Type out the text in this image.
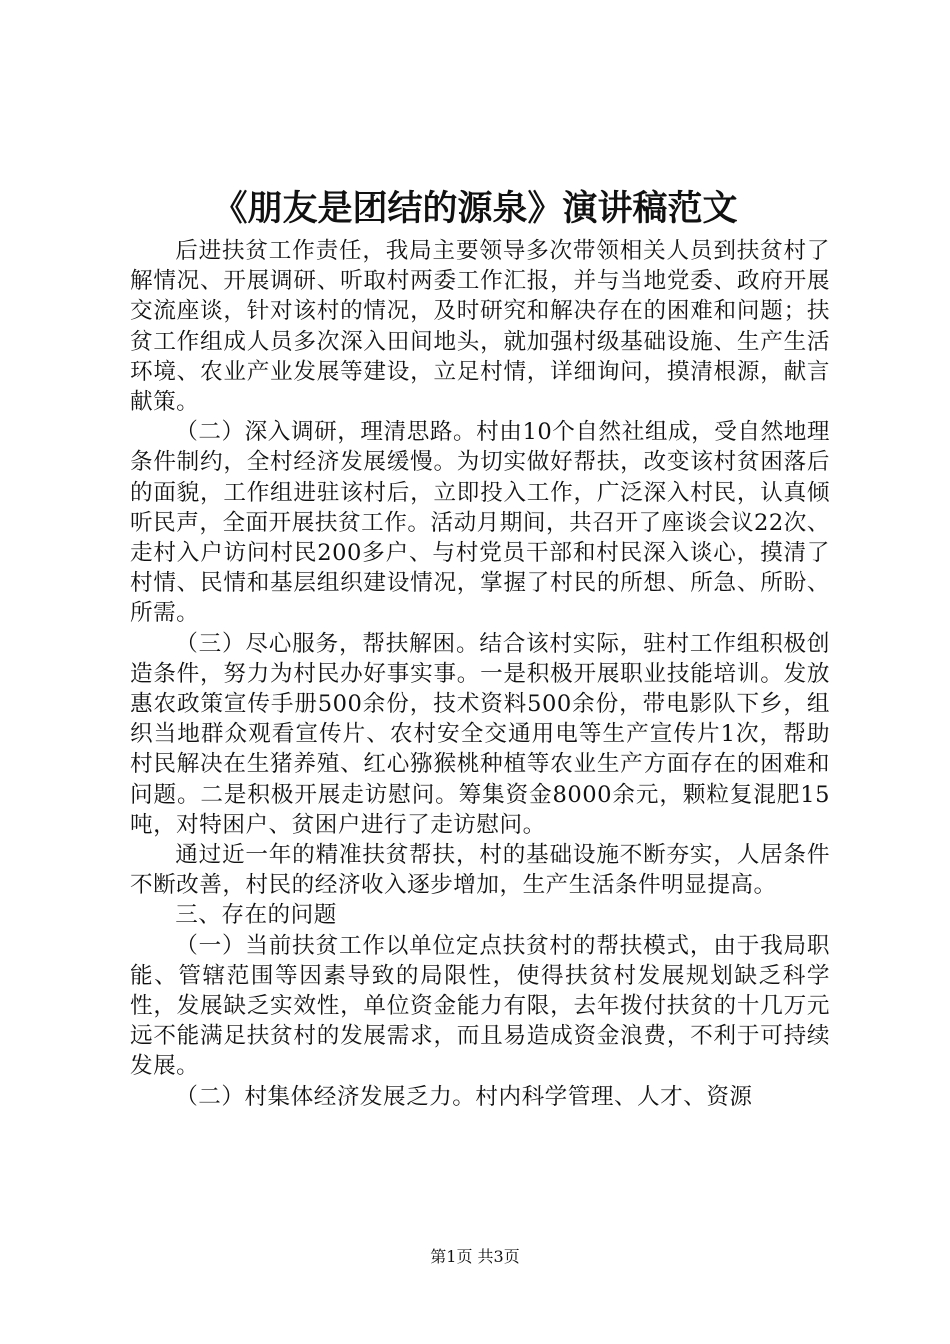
《朋友是团结的源泉》演讲稿范文

后进扶贫工作责任，我局主要领导多次带领相关人员到扶贫村了解情况、开展调研、听取村两委工作汇报，并与当地党委、政府开展交流座谈，针对该村的情况，及时研究和解决存在的困难和问题；扶贫工作组成人员多次深入田间地头，就加强村级基础设施、生产生活环境、农业产业发展等建设，立足村情，详细询问，摸清根源，献言献策。

（二）深入调研，理清思路。村由10个自然社组成，受自然地理条件制约，全村经济发展缓慢。为切实做好帮扶，改变该村贫困落后的面貌，工作组进驻该村后，立即投入工作，广泛深入村民，认真倾听民声，全面开展扶贫工作。活动月期间，共召开了座谈会议22次、走村入户访问村民200多户、与村党员干部和村民深入谈心，摸清了村情、民情和基层组织建设情况，掌握了村民的所想、所急、所盼、所需。

（三）尽心服务，帮扶解困。结合该村实际，驻村工作组积极创造条件，努力为村民办好事实事。一是积极开展职业技能培训。发放惠农政策宣传手册500余份，技术资料500余份，带电影队下乡，组织当地群众观看宣传片、农村安全交通用电等生产宣传片1次，帮助村民解决在生猪养殖、红心猕猴桃种植等农业生产方面存在的困难和问题。二是积极开展走访慰问。筹集资金8000余元，颗粒复混肥15吨，对特困户、贫困户进行了走访慰问。

通过近一年的精准扶贫帮扶，村的基础设施不断夯实，人居条件不断改善，村民的经济收入逐步增加，生产生活条件明显提高。

三、存在的问题

（一）当前扶贫工作以单位定点扶贫村的帮扶模式，由于我局职能、管辖范围等因素导致的局限性，使得扶贫村发展规划缺乏科学性，发展缺乏实效性，单位资金能力有限，去年拨付扶贫的十几万元远不能满足扶贫村的发展需求，而且易造成资金浪费，不利于可持续发展。

（二）村集体经济发展乏力。村内科学管理、人才、资源

第1页 共3页
